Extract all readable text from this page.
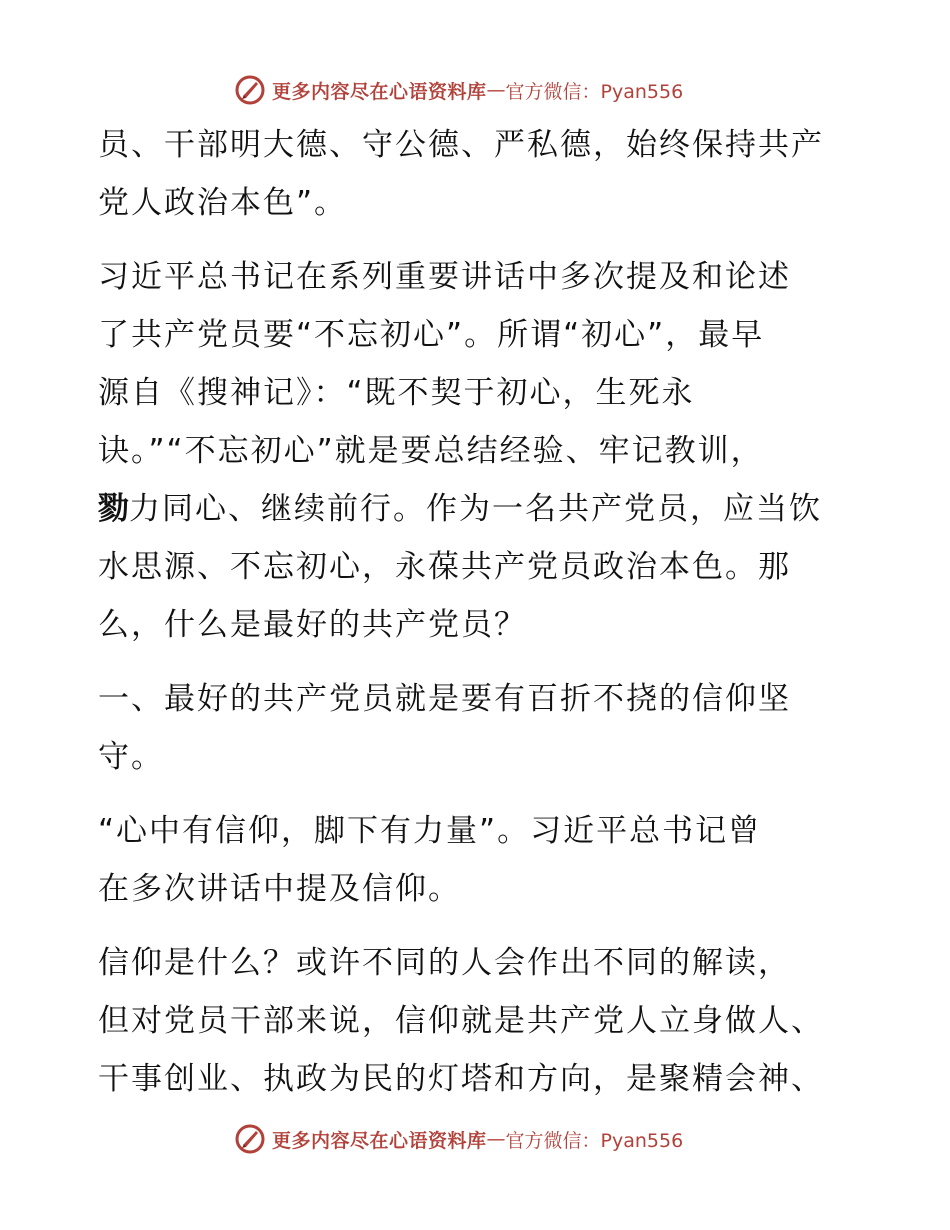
更多内容尽在心语资料库 — 官方微信：Pyan556
员、干部明大德、守公德、严私德，始终保持共产
党人政治本色”。
习近平总书记在系列重要讲话中多次提及和论述
了共产党员要“不忘初心”。所谓“初心”，最早
源自《搜神记》：“既不契于初心，生死永
诀。”“不忘初心”就是要总结经验、牢记教训，
勠力同心、继续前行。作为一名共产党员，应当饮
水思源、不忘初心，永葆共产党员政治本色。那
么，什么是最好的共产党员？
一、最好的共产党员就是要有百折不挠的信仰坚
守。
“心中有信仰，脚下有力量”。习近平总书记曾
在多次讲话中提及信仰。
信仰是什么？或许不同的人会作出不同的解读，
但对党员干部来说，信仰就是共产党人立身做人、
干事创业、执政为民的灯塔和方向，是聚精会神、
更多内容尽在心语资料库 — 官方微信：Pyan556
